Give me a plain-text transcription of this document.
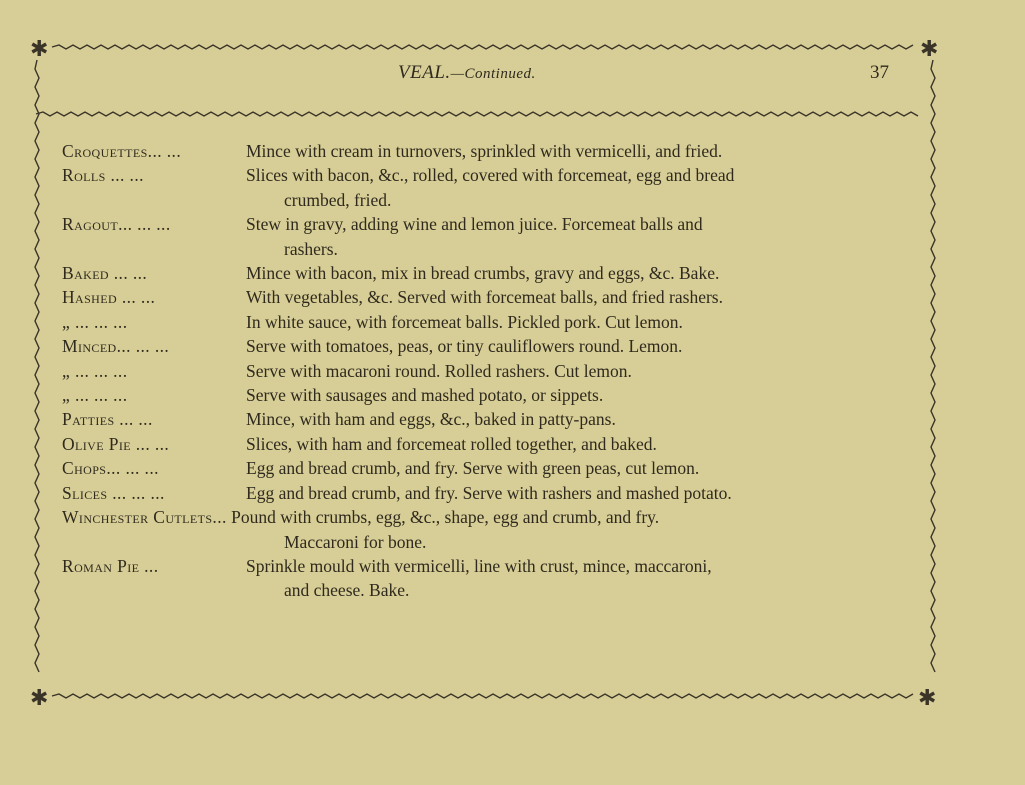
✱	✱
✱	✱
VEAL.—Continued.	37
Croquettes... ...	Mince with cream in turnovers, sprinkled with vermicelli, and fried.
Rolls ... ...	Slices with bacon, &c., rolled, covered with forcemeat, egg and bread
crumbed, fried.
Ragout... ... ...	Stew in gravy, adding wine and lemon juice. Forcemeat balls and
rashers.
Baked ... ...	Mince with bacon, mix in bread crumbs, gravy and eggs, &c. Bake.
Hashed ... ...	With vegetables, &c. Served with forcemeat balls, and fried rashers.
„ ... ... ...	In white sauce, with forcemeat balls. Pickled pork. Cut lemon.
Minced... ... ...	Serve with tomatoes, peas, or tiny cauliflowers round. Lemon.
„ ... ... ...	Serve with macaroni round. Rolled rashers. Cut lemon.
„ ... ... ...	Serve with sausages and mashed potato, or sippets.
Patties ... ...	Mince, with ham and eggs, &c., baked in patty-pans.
Olive Pie ... ...	Slices, with ham and forcemeat rolled together, and baked.
Chops... ... ...	Egg and bread crumb, and fry. Serve with green peas, cut lemon.
Slices ... ... ...	Egg and bread crumb, and fry. Serve with rashers and mashed potato.
Winchester Cutlets... Pound with crumbs, egg, &c., shape, egg and crumb, and fry.
Maccaroni for bone.
Roman Pie ...	Sprinkle mould with vermicelli, line with crust, mince, maccaroni,
and cheese. Bake.
